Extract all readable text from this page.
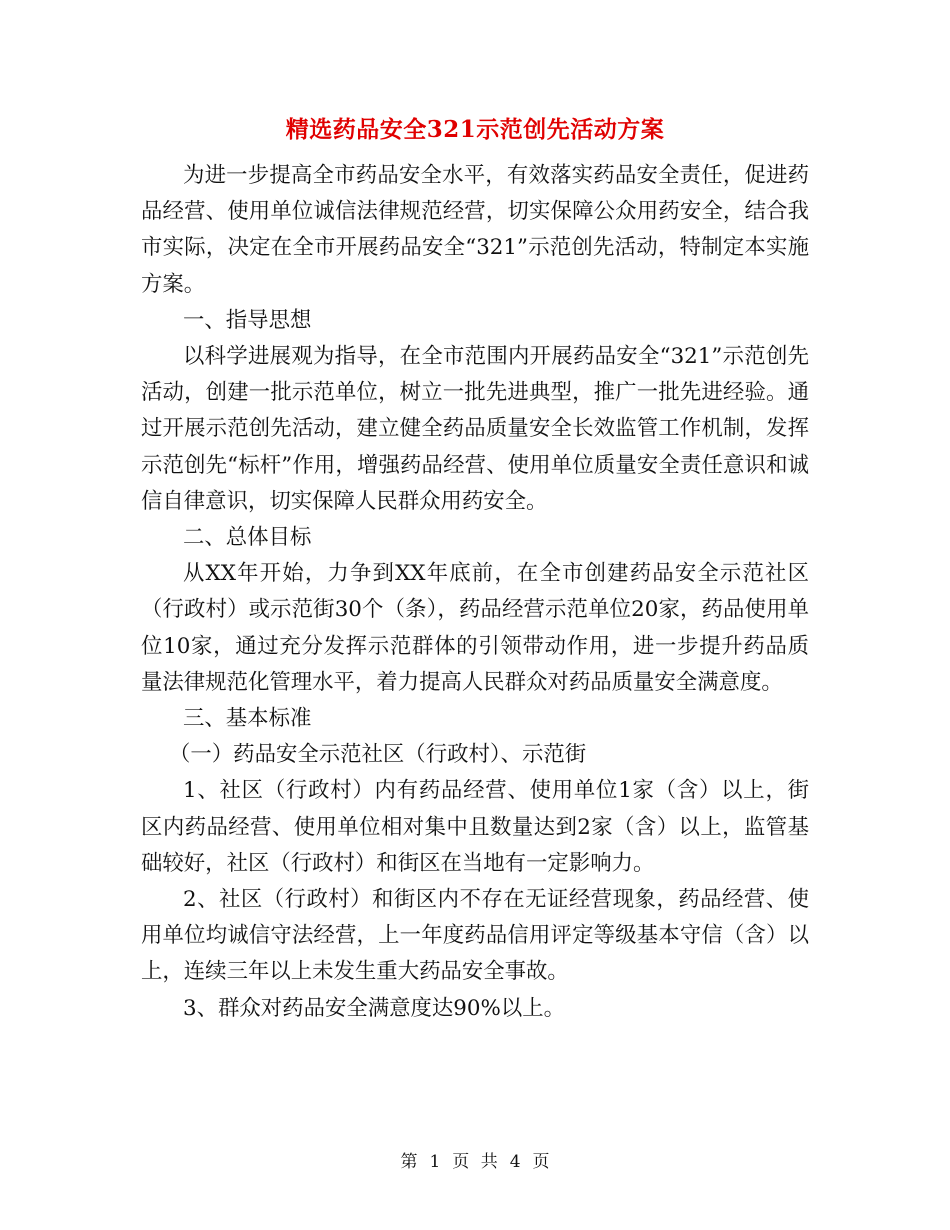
精选药品安全321示范创先活动方案

为进一步提高全市药品安全水平，有效落实药品安全责任，促进药品经营、使用单位诚信法律规范经营，切实保障公众用药安全，结合我市实际，决定在全市开展药品安全“321”示范创先活动，特制定本实施方案。

一、指导思想

以科学进展观为指导，在全市范围内开展药品安全“321”示范创先活动，创建一批示范单位，树立一批先进典型，推广一批先进经验。通过开展示范创先活动，建立健全药品质量安全长效监管工作机制，发挥示范创先“标杆”作用，增强药品经营、使用单位质量安全责任意识和诚信自律意识，切实保障人民群众用药安全。

二、总体目标

从XX年开始，力争到XX年底前，在全市创建药品安全示范社区（行政村）或示范街30个（条），药品经营示范单位20家，药品使用单位10家，通过充分发挥示范群体的引领带动作用，进一步提升药品质量法律规范化管理水平，着力提高人民群众对药品质量安全满意度。

三、基本标准

（一）药品安全示范社区（行政村）、示范街

1、社区（行政村）内有药品经营、使用单位1家（含）以上，街区内药品经营、使用单位相对集中且数量达到2家（含）以上，监管基础较好，社区（行政村）和街区在当地有一定影响力。

2、社区（行政村）和街区内不存在无证经营现象，药品经营、使用单位均诚信守法经营，上一年度药品信用评定等级基本守信（含）以上，连续三年以上未发生重大药品安全事故。

3、群众对药品安全满意度达90%以上。

第 1 页 共 4 页
